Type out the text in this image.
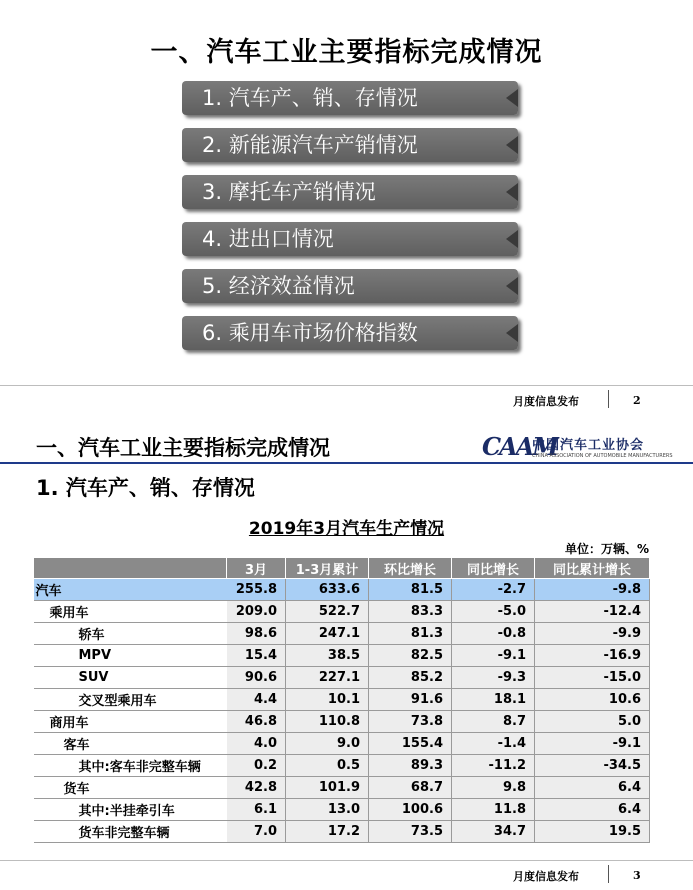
一、汽车工业主要指标完成情况
1. 汽车产、销、存情况
2. 新能源汽车产销情况
3. 摩托车产销情况
4. 进出口情况
5. 经济效益情况
6. 乘用车市场价格指数
月度信息发布	2
一、汽车工业主要指标完成情况	CAAM
中国汽车工业协会
CHINA ASSOCIATION OF AUTOMOBILE MANUFACTURERS
1. 汽车产、销、存情况
2019年3月汽车生产情况
单位：万辆、%
	3月	1-3月累计	环比增长	同比增长	同比累计增长
汽车	255.8	633.6	81.5	-2.7	-9.8
乘用车	209.0	522.7	83.3	-5.0	-12.4
轿车	98.6	247.1	81.3	-0.8	-9.9
MPV	15.4	38.5	82.5	-9.1	-16.9
SUV	90.6	227.1	85.2	-9.3	-15.0
交叉型乘用车	4.4	10.1	91.6	18.1	10.6
商用车	46.8	110.8	73.8	8.7	5.0
客车	4.0	9.0	155.4	-1.4	-9.1
其中:客车非完整车辆	0.2	0.5	89.3	-11.2	-34.5
货车	42.8	101.9	68.7	9.8	6.4
其中:半挂牵引车	6.1	13.0	100.6	11.8	6.4
货车非完整车辆	7.0	17.2	73.5	34.7	19.5
月度信息发布	3
